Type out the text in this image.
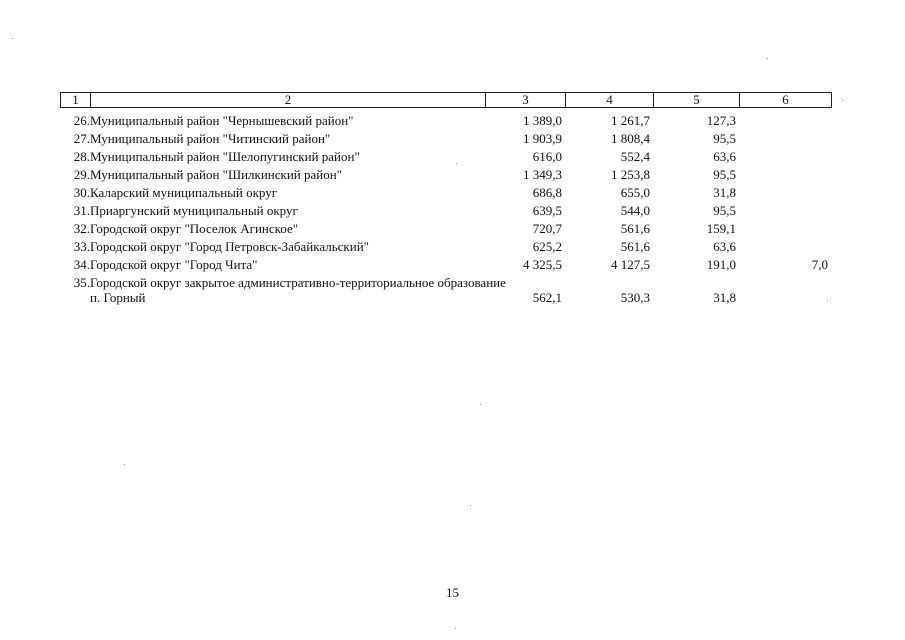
1	2	3	4	5	6
26. Муниципальный район "Чернышевский район"	1 389,0	1 261,7	127,3
27. Муниципальный район "Читинский район"	1 903,9	1 808,4	95,5
28. Муниципальный район "Шелопугинский район"	616,0	552,4	63,6
29. Муниципальный район "Шилкинский район"	1 349,3	1 253,8	95,5
30. Каларский муниципальный округ	686,8	655,0	31,8
31. Приаргунский муниципальный округ	639,5	544,0	95,5
32. Городской округ "Поселок Агинское"	720,7	561,6	159,1
33. Городской округ "Город Петровск-Забайкальский"	625,2	561,6	63,6
34. Городской округ "Город Чита"	4 325,5	4 127,5	191,0	7,0
35. Городской округ закрытое административно-территориальное образование п. Горный	562,1	530,3	31,8
15
